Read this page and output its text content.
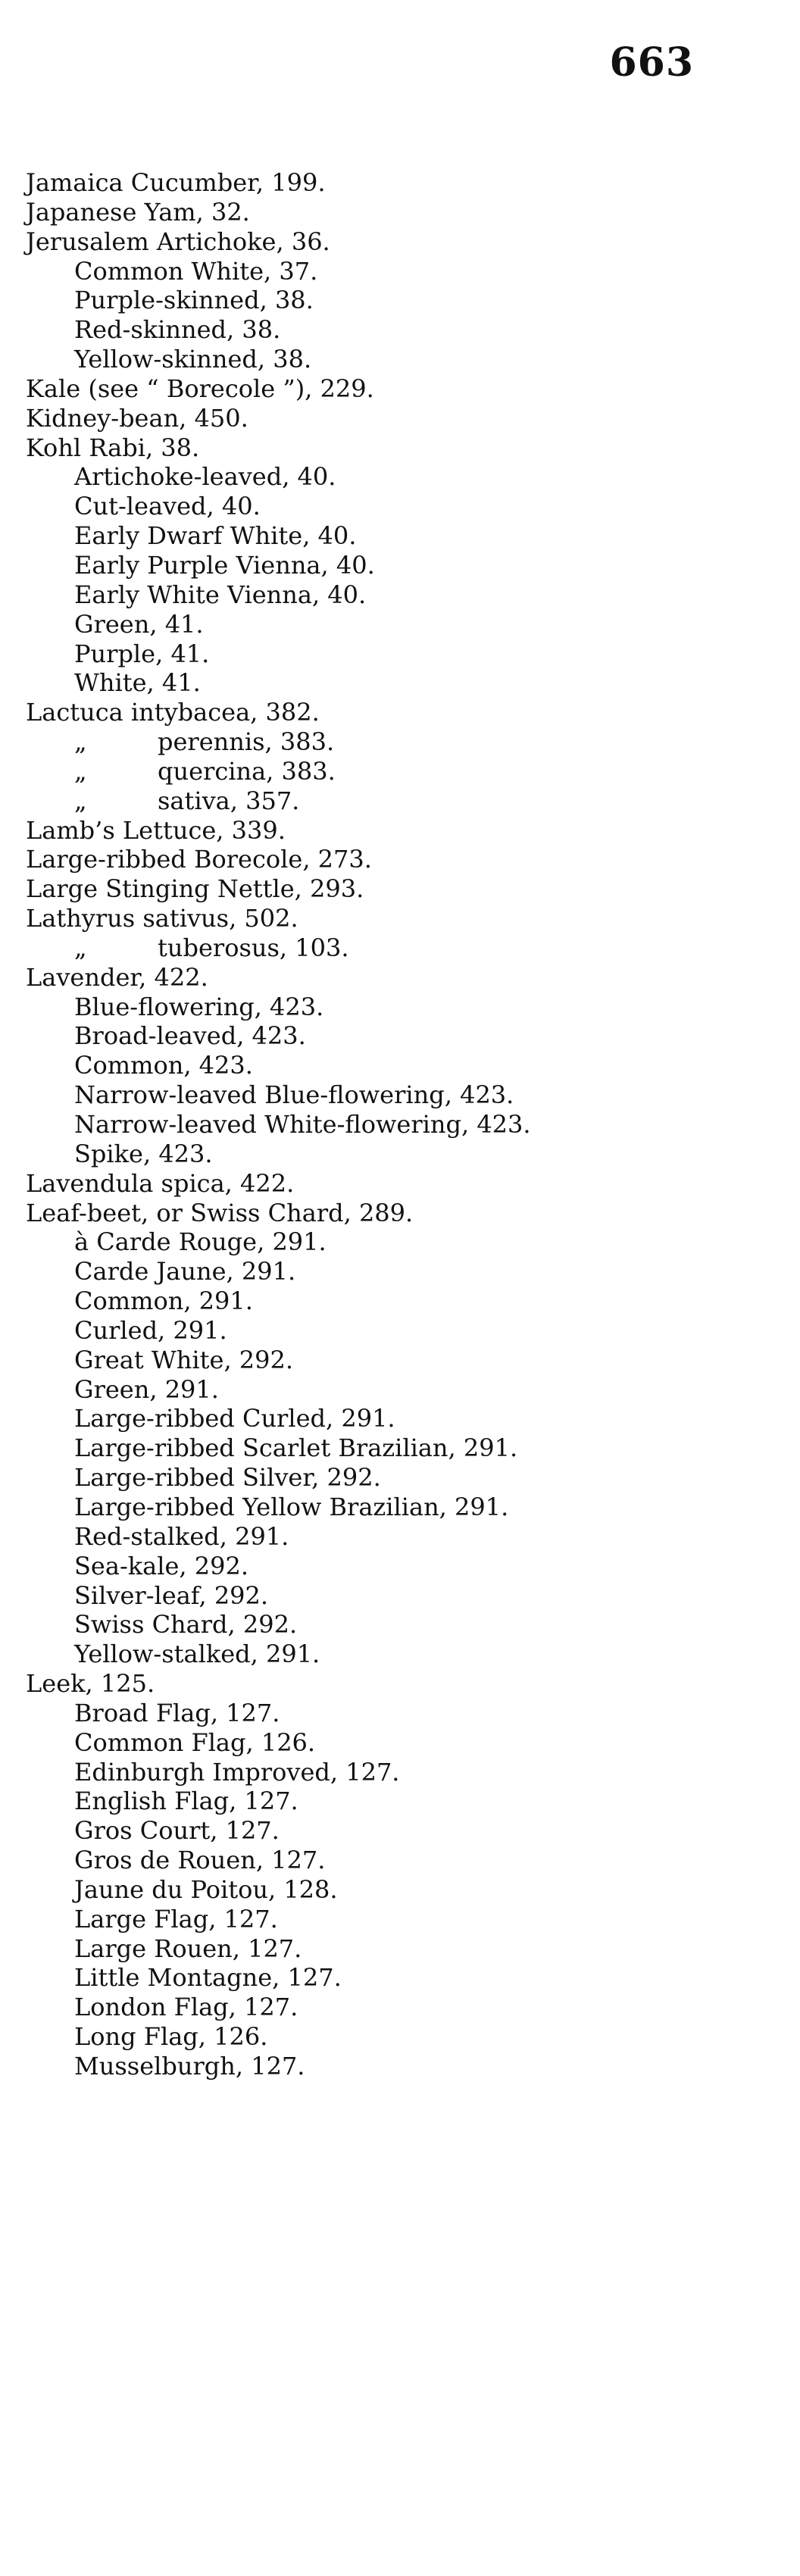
663
Jamaica Cucumber, 199.
Japanese Yam, 32.
Jerusalem Artichoke, 36.
Common White, 37.
Purple-skinned, 38.
Red-skinned, 38.
Yellow-skinned, 38.
Kale (see “ Borecole ”), 229.
Kidney-bean, 450.
Kohl Rabi, 38.
Artichoke-leaved, 40.
Cut-leaved, 40.
Early Dwarf White, 40.
Early Purple Vienna, 40.
Early White Vienna, 40.
Green, 41.
Purple, 41.
White, 41.
Lactuca intybacea, 382.
„	perennis, 383.
„	quercina, 383.
„	sativa, 357.
Lamb’s Lettuce, 339.
Large-ribbed Borecole, 273.
Large Stinging Nettle, 293.
Lathyrus sativus, 502.
„	tuberosus, 103.
Lavender, 422.
Blue-flowering, 423.
Broad-leaved, 423.
Common, 423.
Narrow-leaved Blue-flowering, 423.
Narrow-leaved White-flowering, 423.
Spike, 423.
Lavendula spica, 422.
Leaf-beet, or Swiss Chard, 289.
à Carde Rouge, 291.
Carde Jaune, 291.
Common, 291.
Curled, 291.
Great White, 292.
Green, 291.
Large-ribbed Curled, 291.
Large-ribbed Scarlet Brazilian, 291.
Large-ribbed Silver, 292.
Large-ribbed Yellow Brazilian, 291.
Red-stalked, 291.
Sea-kale, 292.
Silver-leaf, 292.
Swiss Chard, 292.
Yellow-stalked, 291.
Leek, 125.
Broad Flag, 127.
Common Flag, 126.
Edinburgh Improved, 127.
English Flag, 127.
Gros Court, 127.
Gros de Rouen, 127.
Jaune du Poitou, 128.
Large Flag, 127.
Large Rouen, 127.
Little Montagne, 127.
London Flag, 127.
Long Flag, 126.
Musselburgh, 127.
